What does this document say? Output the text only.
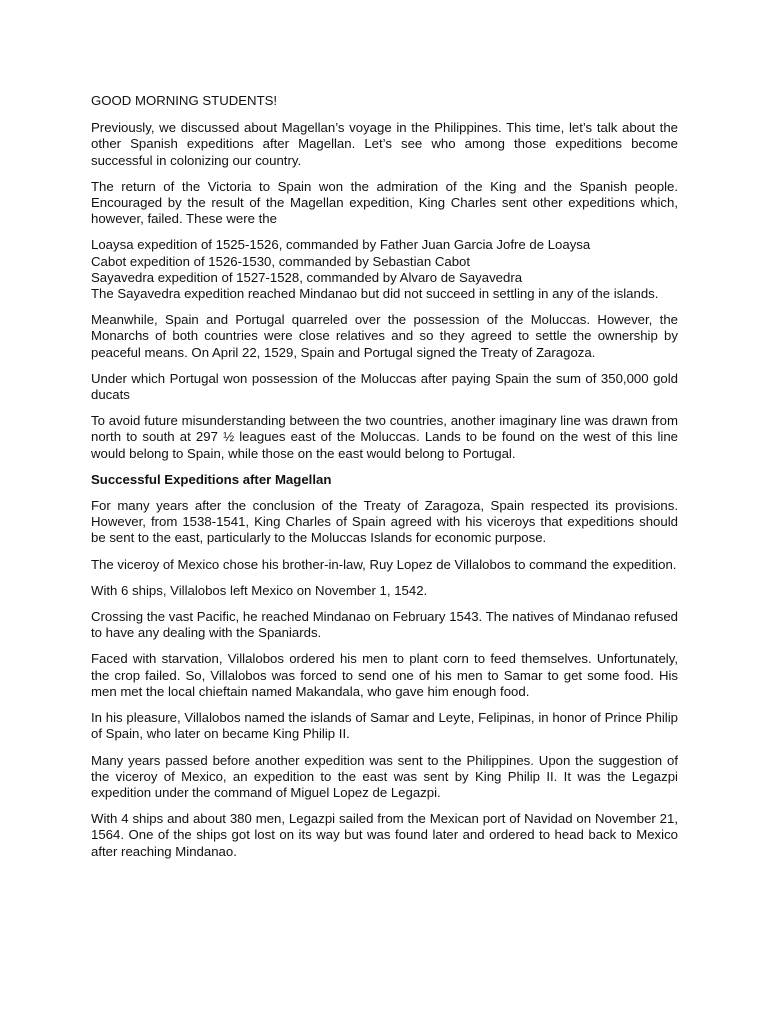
GOOD MORNING STUDENTS!

Previously, we discussed about Magellan’s voyage in the Philippines. This time, let’s talk about the other Spanish expeditions after Magellan. Let’s see who among those expeditions become successful in colonizing our country.

The return of the Victoria to Spain won the admiration of the King and the Spanish people. Encouraged by the result of the Magellan expedition, King Charles sent other expeditions which, however, failed. These were the

Loaysa expedition of 1525-1526, commanded by Father Juan Garcia Jofre de Loaysa

Cabot expedition of 1526-1530, commanded by Sebastian Cabot

Sayavedra expedition of 1527-1528, commanded by Alvaro de Sayavedra

The Sayavedra expedition reached Mindanao but did not succeed in settling in any of the islands.

Meanwhile, Spain and Portugal quarreled over the possession of the Moluccas. However, the Monarchs of both countries were close relatives and so they agreed to settle the ownership by peaceful means. On April 22, 1529, Spain and Portugal signed the Treaty of Zaragoza.

Under which Portugal won possession of the Moluccas after paying Spain the sum of 350,000 gold ducats

To avoid future misunderstanding between the two countries, another imaginary line was drawn from north to south at 297 ½ leagues east of the Moluccas. Lands to be found on the west of this line would belong to Spain, while those on the east would belong to Portugal.

Successful Expeditions after Magellan

For many years after the conclusion of the Treaty of Zaragoza, Spain respected its provisions. However, from 1538-1541, King Charles of Spain agreed with his viceroys that expeditions should be sent to the east, particularly to the Moluccas Islands for economic purpose.

The viceroy of Mexico chose his brother-in-law, Ruy Lopez de Villalobos to command the expedition.

With 6 ships, Villalobos left Mexico on November 1, 1542.

Crossing the vast Pacific, he reached Mindanao on February 1543. The natives of Mindanao refused to have any dealing with the Spaniards.

Faced with starvation, Villalobos ordered his men to plant corn to feed themselves. Unfortunately, the crop failed. So, Villalobos was forced to send one of his men to Samar to get some food. His men met the local chieftain named Makandala, who gave him enough food.

In his pleasure, Villalobos named the islands of Samar and Leyte, Felipinas, in honor of Prince Philip of Spain, who later on became King Philip II.

Many years passed before another expedition was sent to the Philippines. Upon the suggestion of the viceroy of Mexico, an expedition to the east was sent by King Philip II. It was the Legazpi expedition under the command of Miguel Lopez de Legazpi.

With 4 ships and about 380 men, Legazpi sailed from the Mexican port of Navidad on November 21, 1564. One of the ships got lost on its way but was found later and ordered to head back to Mexico after reaching Mindanao.
